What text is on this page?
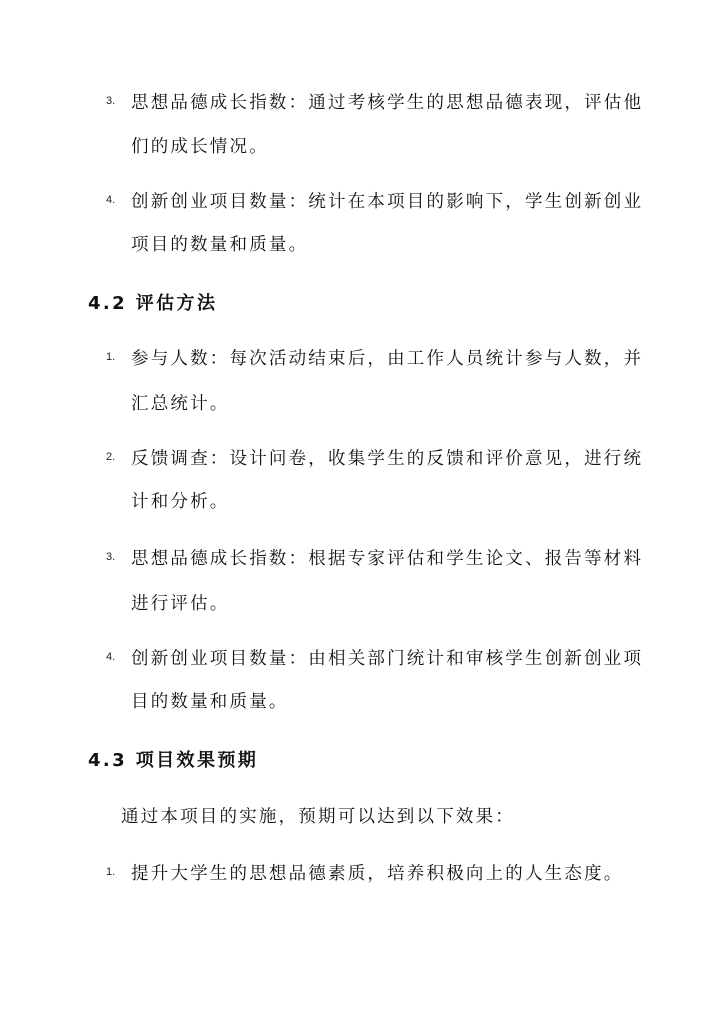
3. 思想品德成长指数：通过考核学生的思想品德表现，评估他
们的成长情况。
4. 创新创业项目数量：统计在本项目的影响下，学生创新创业
项目的数量和质量。
4.2 评估方法
1. 参与人数：每次活动结束后，由工作人员统计参与人数，并
汇总统计。
2. 反馈调查：设计问卷，收集学生的反馈和评价意见，进行统
计和分析。
3. 思想品德成长指数：根据专家评估和学生论文、报告等材料
进行评估。
4. 创新创业项目数量：由相关部门统计和审核学生创新创业项
目的数量和质量。
4.3 项目效果预期
通过本项目的实施，预期可以达到以下效果：
1. 提升大学生的思想品德素质，培养积极向上的人生态度。
